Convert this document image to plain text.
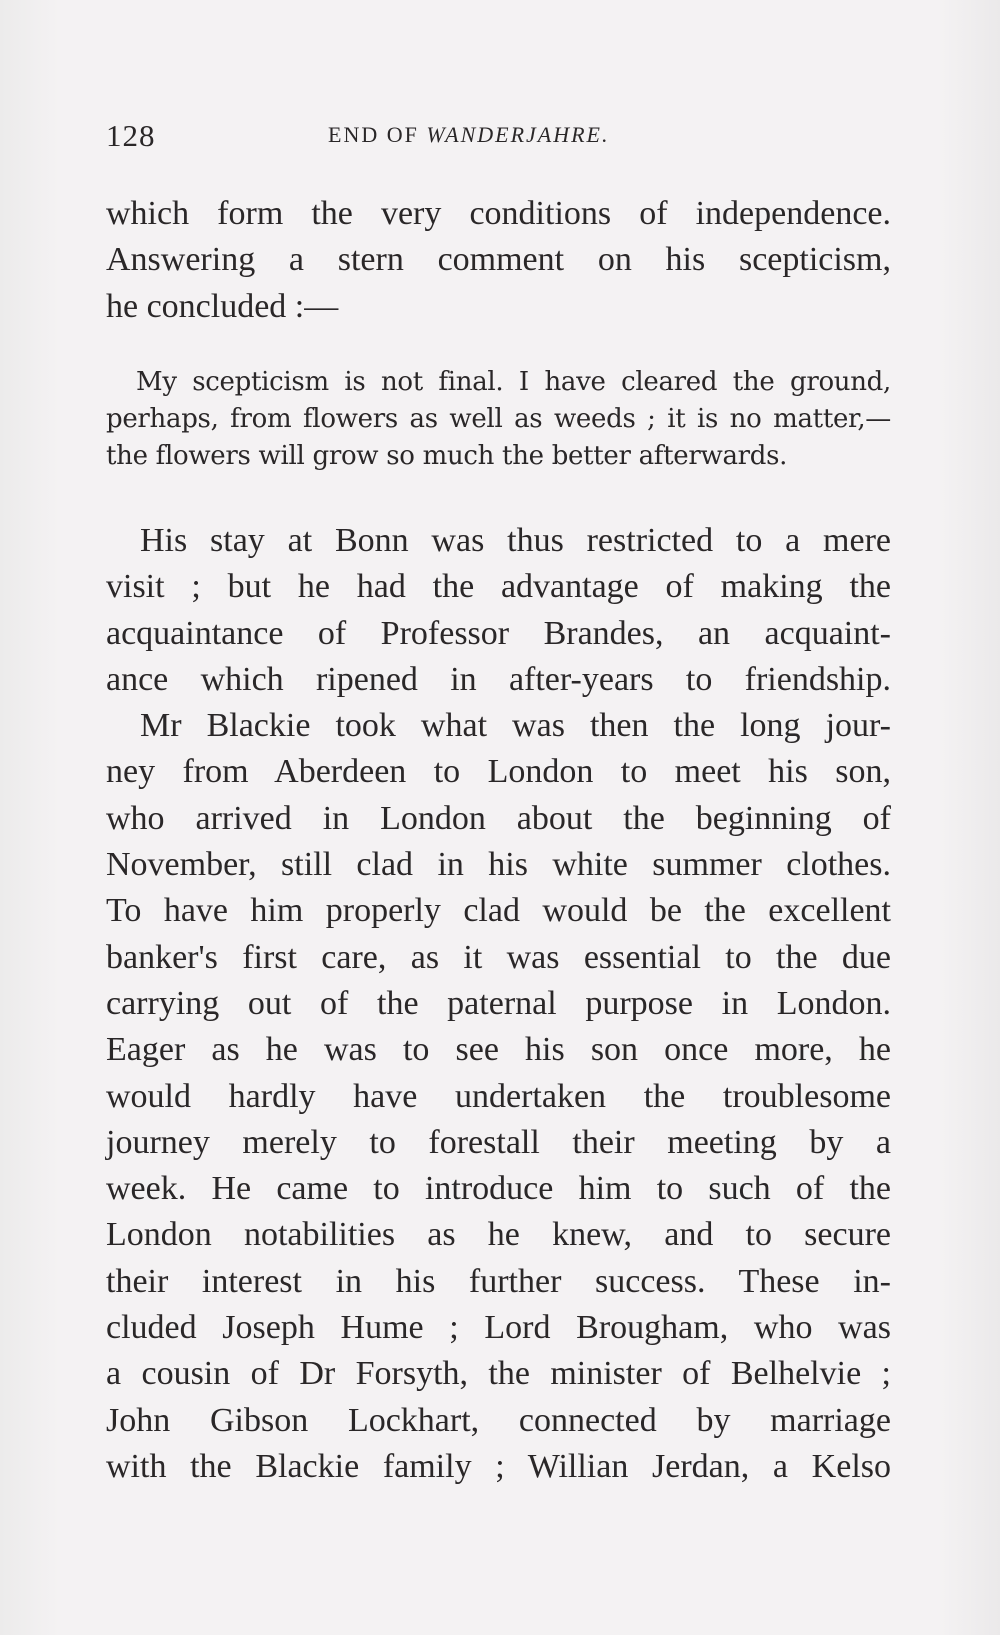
128	END OF WANDERJAHRE.
which form the very conditions of independence.
Answering a stern comment on his scepticism,
he concluded :—
My scepticism is not final. I have cleared the ground,
perhaps, from flowers as well as weeds ; it is no matter,—
the flowers will grow so much the better afterwards.
His stay at Bonn was thus restricted to a mere
visit ; but he had the advantage of making the
acquaintance of Professor Brandes, an acquaint-
ance which ripened in after-years to friendship.
Mr Blackie took what was then the long jour-
ney from Aberdeen to London to meet his son,
who arrived in London about the beginning of
November, still clad in his white summer clothes.
To have him properly clad would be the excellent
banker's first care, as it was essential to the due
carrying out of the paternal purpose in London.
Eager as he was to see his son once more, he
would hardly have undertaken the troublesome
journey merely to forestall their meeting by a
week. He came to introduce him to such of the
London notabilities as he knew, and to secure
their interest in his further success. These in-
cluded Joseph Hume ; Lord Brougham, who was
a cousin of Dr Forsyth, the minister of Belhelvie ;
John Gibson Lockhart, connected by marriage
with the Blackie family ; Willian Jerdan, a Kelso
